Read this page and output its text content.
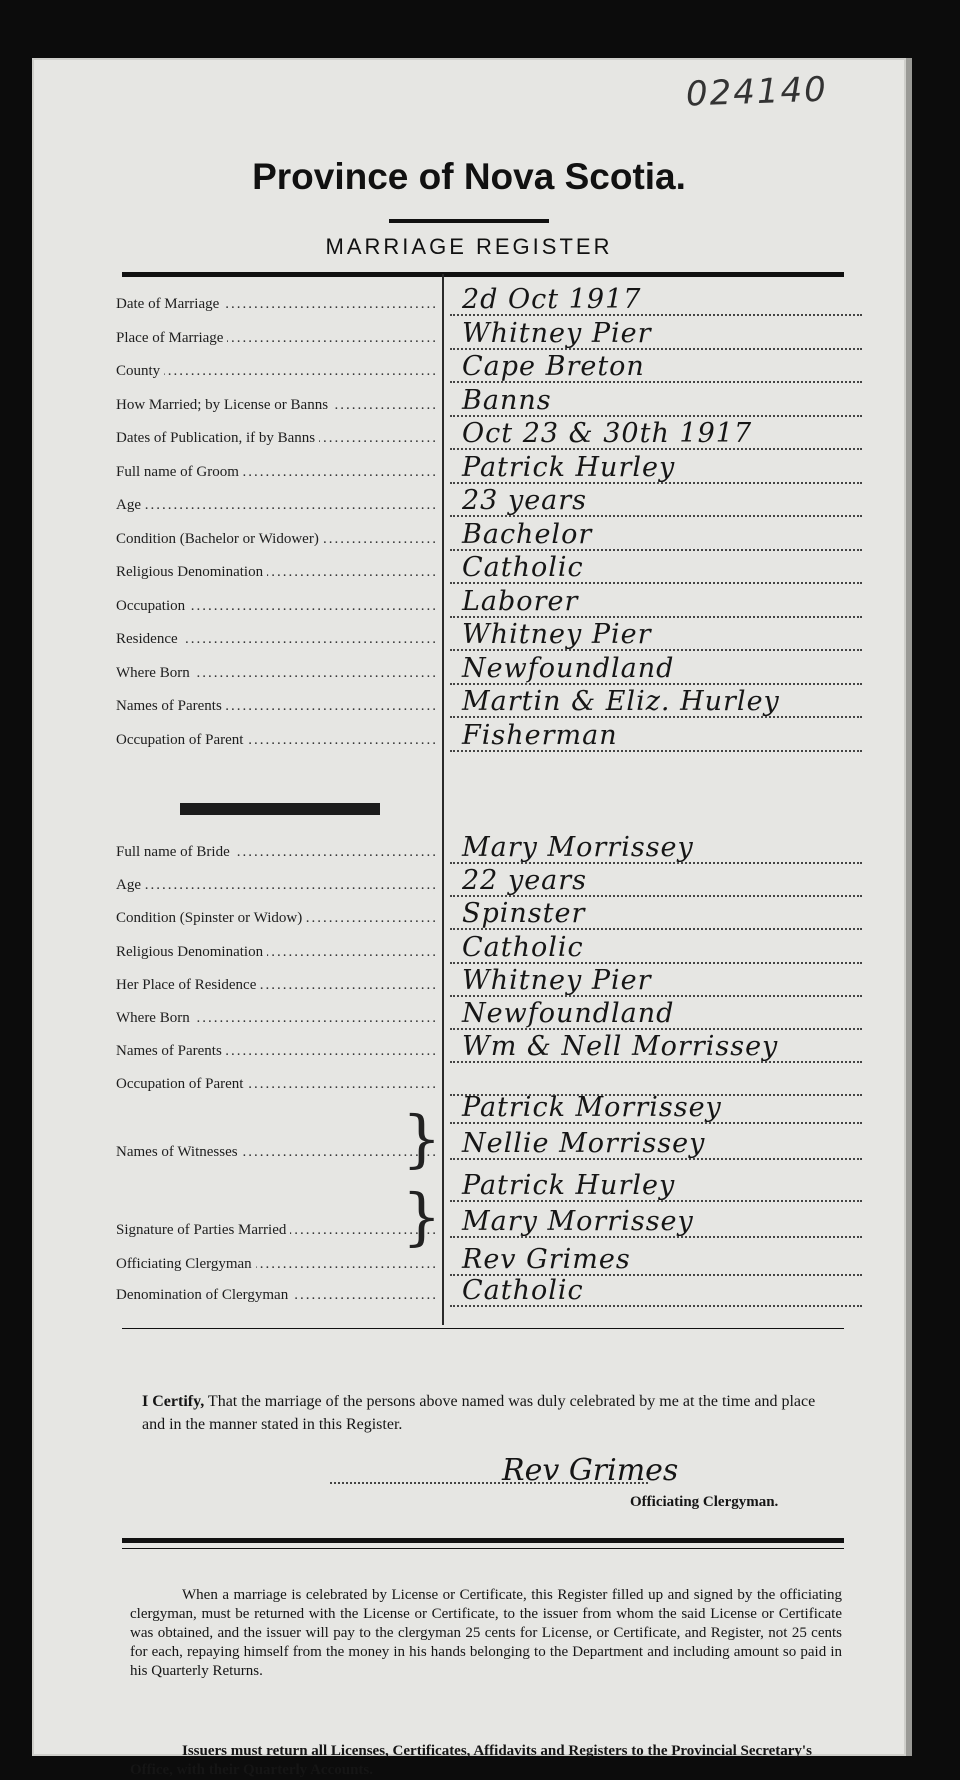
024140
Province of Nova Scotia.
MARRIAGE REGISTER
Date of Marriage .....	2d Oct 1917
Place of Marriage .....	Whitney Pier
County .....	Cape Breton
How Married; by License or Banns .....	Banns
Dates of Publication, if by Banns .....	Oct 23 & 30th 1917
Full name of Groom .....	Patrick Hurley
Age .....	23 years
Condition (Bachelor or Widower) .....	Bachelor
Religious Denomination .....	Catholic
Occupation .....	Laborer
Residence .....	Whitney Pier
Where Born .....	Newfoundland
Names of Parents .....	Martin & Eliz. Hurley
Occupation of Parent .....	Fisherman
Full name of Bride .....	Mary Morrissey
Age .....	22 years
Condition (Spinster or Widow) .....	Spinster
Religious Denomination .....	Catholic
Her Place of Residence .....	Whitney Pier
Where Born .....	Newfoundland
Names of Parents .....	Wm & Nell Morrissey
Occupation of Parent .....
Names of Witnesses .....
Patrick Morrissey
Nellie Morrissey
}
Signature of Parties Married .....
Patrick Hurley
Mary Morrissey
}
Officiating Clergyman .....	Rev Grimes
Denomination of Clergyman .....	Catholic
I Certify, That the marriage of the persons above named was duly celebrated by me at the time and place and in the manner stated in this Register.
Rev Grimes
Officiating Clergyman.
When a marriage is celebrated by License or Certificate, this Register filled up and signed by the officiating clergyman, must be returned with the License or Certificate, to the issuer from whom the said License or Certificate was obtained, and the issuer will pay to the clergyman 25 cents for License, or Certificate, and Register, not 25 cents for each, repaying himself from the money in his hands belonging to the Department and including amount so paid in his Quarterly Returns.
Issuers must return all Licenses, Certificates, Affidavits and Registers to the Provincial Secretary's Office, with their Quarterly Accounts.
